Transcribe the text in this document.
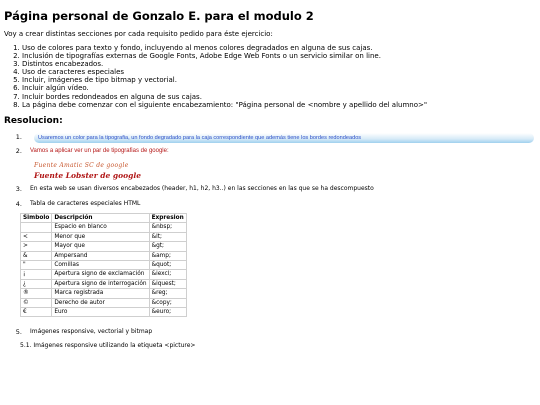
Página personal de Gonzalo E. para el modulo 2

Voy a crear distintas secciones por cada requisito pedido para éste ejercicio:

1. Uso de colores para texto y fondo, incluyendo al menos colores degradados en alguna de sus cajas.
2. Inclusión de tipografías externas de Google Fonts, Adobe Edge Web Fonts o un servicio similar on line.
3. Distintos encabezados.
4. Uso de caracteres especiales
5. Incluir, imágenes de tipo bitmap y vectorial.
6. Incluir algún vídeo.
7. Incluir bordes redondeados en alguna de sus cajas.
8. La página debe comenzar con el siguiente encabezamiento: "Página personal de <nombre y apellido del alumno>"
Resolucion:
1.	Usaremos un color para la tipografia, un fondo degradado para la caja correspondiente que además tiene los bordes redondeados
2. Vamos a aplicar ver un par de tipografias de google:
Fuente Amatic SC de google
Fuente Lobster de google
3. En esta web se usan diversos encabezados (header, h1, h2, h3..) en las secciones en las que se ha descompuesto
4. Tabla de caracteres especiales HTML
Simbolo	Descripción	Expresion
	Espacio en blanco	&nbsp;
<	Menor que	&lt;
>	Mayor que	&gt;
&	Ampersand	&amp;
"	Comillas	&quot;
¡	Apertura signo de exclamación	&iexcl;
¿	Apertura signo de interrogación	&iquest;
®	Marca registrada	&reg;
©	Derecho de autor	&copy;
€	Euro	&euro;
5. Imágenes responsive, vectorial y bitmap
5.1. Imágenes responsive utilizando la etiqueta <picture>
